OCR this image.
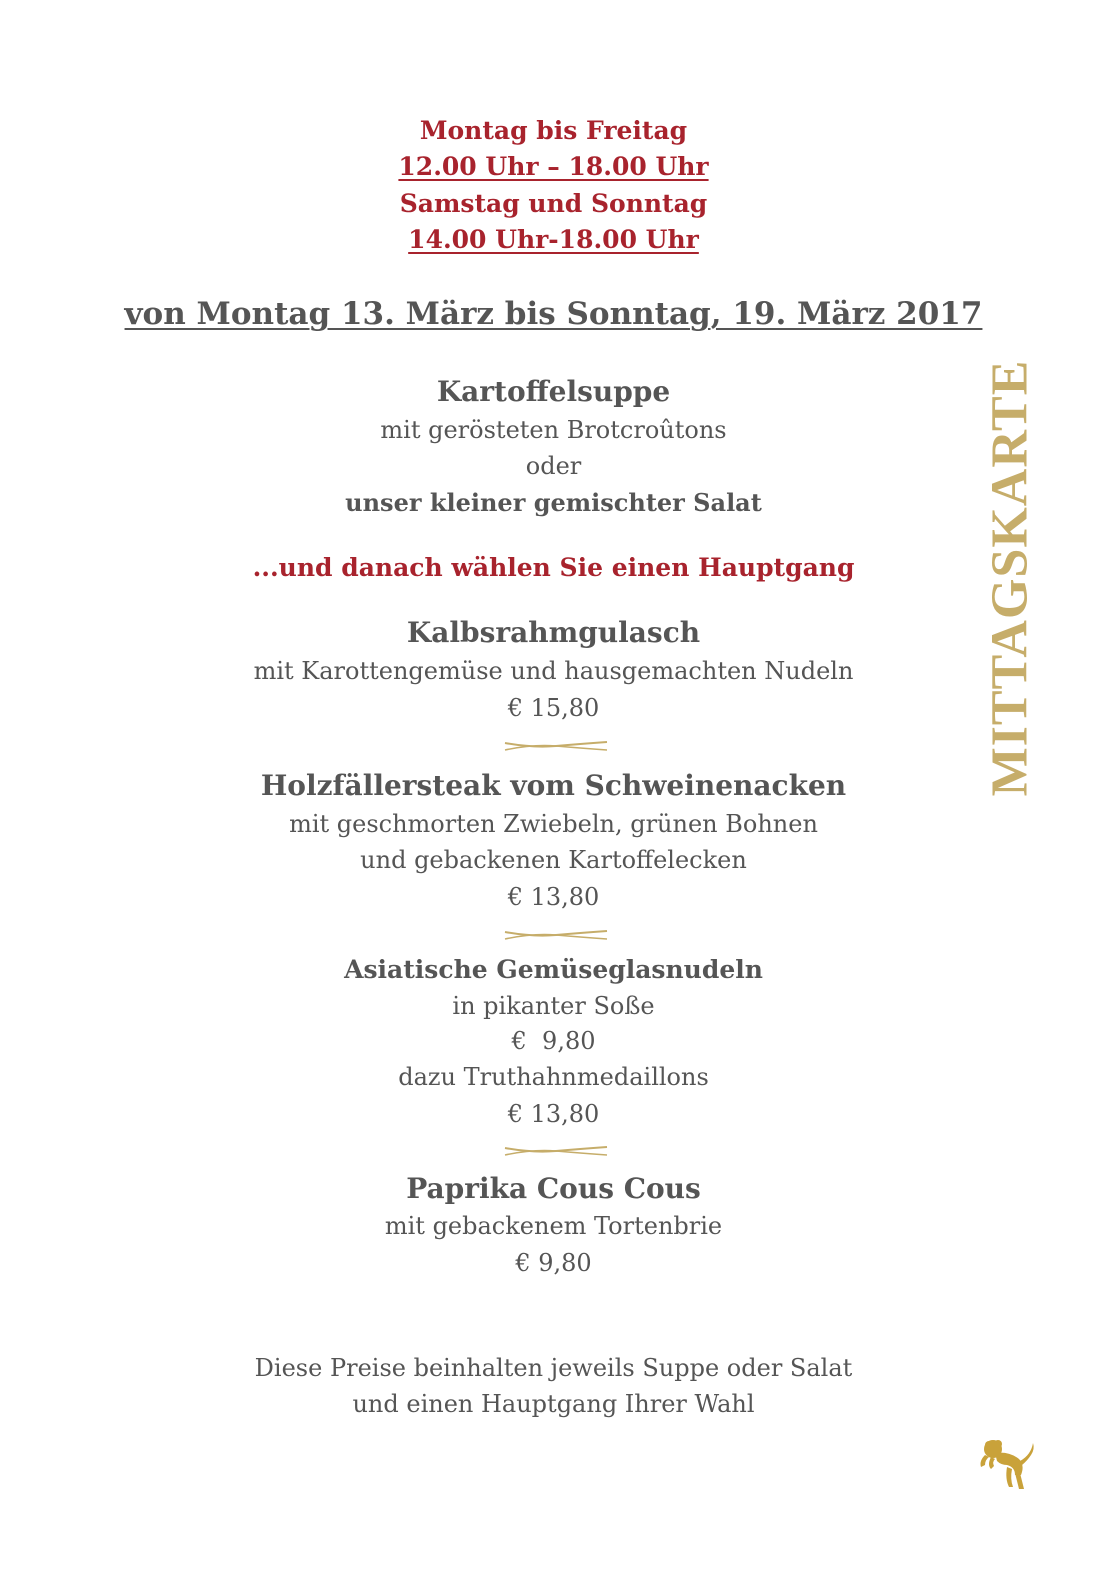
Montag bis Freitag
12.00 Uhr – 18.00 Uhr
Samstag und Sonntag
14.00 Uhr-18.00 Uhr
von Montag 13. März bis Sonntag, 19. März 2017
Kartoffelsuppe
mit gerösteten Brotcroûtons
oder
unser kleiner gemischter Salat
...und danach wählen Sie einen Hauptgang
Kalbsrahmgulasch
mit Karottengemüse und hausgemachten Nudeln
€ 15,80
Holzfällersteak vom Schweinenacken
mit geschmorten Zwiebeln, grünen Bohnen
und gebackenen Kartoffelecken
€ 13,80
Asiatische Gemüseglasnudeln
in pikanter Soße
€  9,80
dazu Truthahnmedaillons
€ 13,80
Paprika Cous Cous
mit gebackenem Tortenbrie
€ 9,80
Diese Preise beinhalten jeweils Suppe oder Salat
und einen Hauptgang Ihrer Wahl
MITTAGSKARTE
